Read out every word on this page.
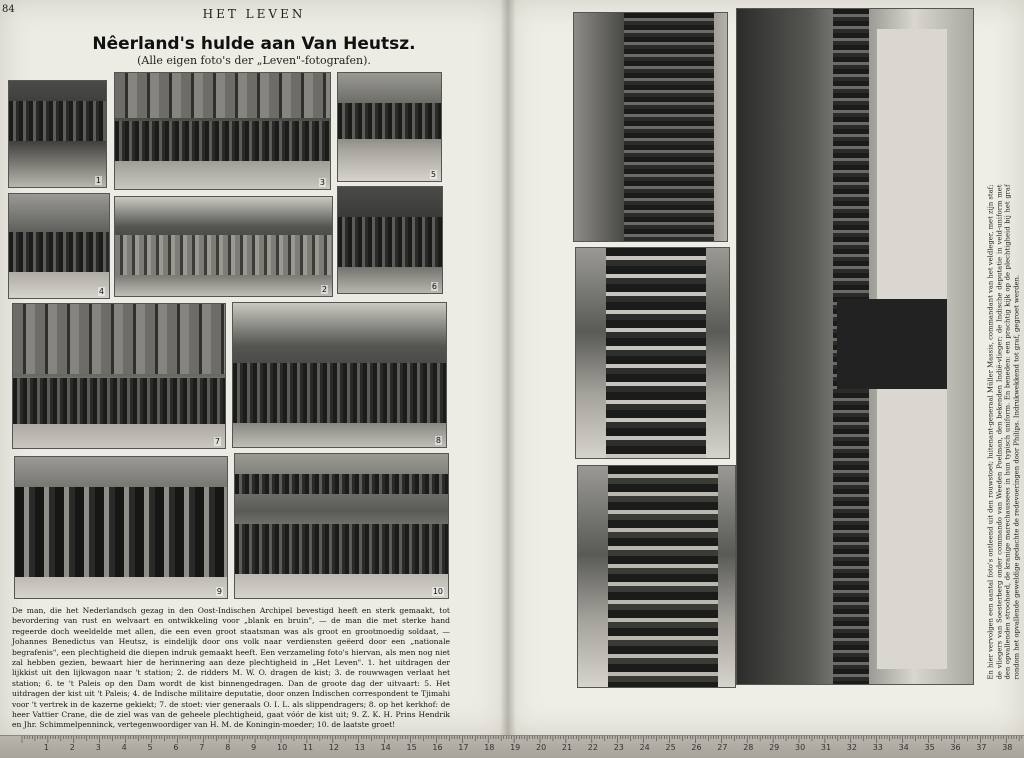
84	HET LEVEN
Nêerland's hulde aan Van Heutsz.
(Alle eigen foto's der „Leven"-fotografen).
1	3
5
4	2	6
7	8
9	10
De man, die het Nederlandsch gezag in den Oost-Indischen Archipel bevestigd heeft en sterk gemaakt, tot bevordering van rust en welvaart en ontwikkeling voor „blank en bruin", — de man die met sterke hand regeerde doch weeldelde met allen, die een even groot staatsman was als groot en grootmoedig soldaat, — Johannes Benedictus van Heutsz, is eindelijk door ons volk naar verdiensten geëerd door een „nationale begrafenis", een plechtigheid die diepen indruk gemaakt heeft. Een verzameling foto's hiervan, als men nog niet zal hebben gezien, bewaart hier de herinnering aan deze plechtigheid in „Het Leven". 1. het uitdragen der lijkkist uit den lijkwagon naar 't station; 2. de ridders M. W. O. dragen de kist; 3. de rouwwagen verlaat het station; 6. te 't Paleis op den Dam wordt de kist binnengedragen. Dan de groote dag der uitvaart: 5. Het uitdragen der kist uit 't Paleis; 4. de Indische militaire deputatie, door onzen Indischen correspondent te Tjimahi voor 't vertrek in de kazerne gekiekt; 7. de stoet: vier generaals O. I. L. als slippendragers; 8. op het kerkhof: de heer Vattier Crane, die de ziel was van de geheele plechtigheid, gaat vóór de kist uit; 9. Z. K. H. Prins Hendrik en Jhr. Schimmelpenninck, vertegenwoordiger van H. M. de Koningin-moeder; 10. de laatste groet!
En hier vervolgen een aantal foto's ontleend uit den rouwstoet; luitenant-generaal Müller Massis, commandant van het veldleger, met zijn staf; de vliegers van Soesterberg onder commando van Weeden Poelman, den bekenden Indië-vlieger; de Indische deputatie in veld-uniform met den opvallenden stroohoed, de kranige marechaussees in hun typisch uniform. En beneden: een prachtig kijk op de plechtigheid bij het graf rondom het opvallende geweldige gedachte de redevoeringen door Philips. Indrukwekkend tot graf, gegroet werden.
1	2	3	4	5	6	7	8	9	10 11 12 13 14 15 16 17 18 19 20 21 22 23 24 25 26 27 28 29 30 31 32 33 34 35 36 37 38
